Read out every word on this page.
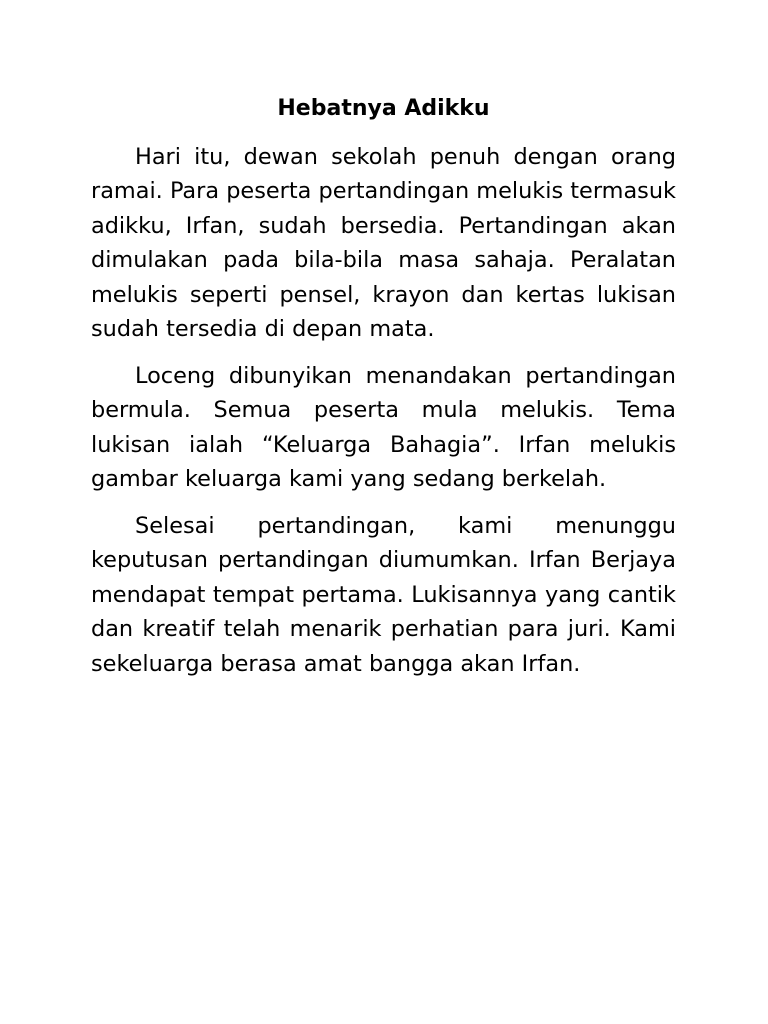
Hebatnya Adikku

Hari itu, dewan sekolah penuh dengan orang ramai. Para peserta pertandingan melukis termasuk adikku, Irfan, sudah bersedia. Pertandingan akan dimulakan pada bila-bila masa sahaja. Peralatan melukis seperti pensel, krayon dan kertas lukisan sudah tersedia di depan mata.

Loceng dibunyikan menandakan pertandingan bermula. Semua peserta mula melukis. Tema lukisan ialah “Keluarga Bahagia”. Irfan melukis gambar keluarga kami yang sedang berkelah.

Selesai pertandingan, kami menunggu keputusan pertandingan diumumkan. Irfan Berjaya mendapat tempat pertama. Lukisannya yang cantik dan kreatif telah menarik perhatian para juri. Kami sekeluarga berasa amat bangga akan Irfan.
